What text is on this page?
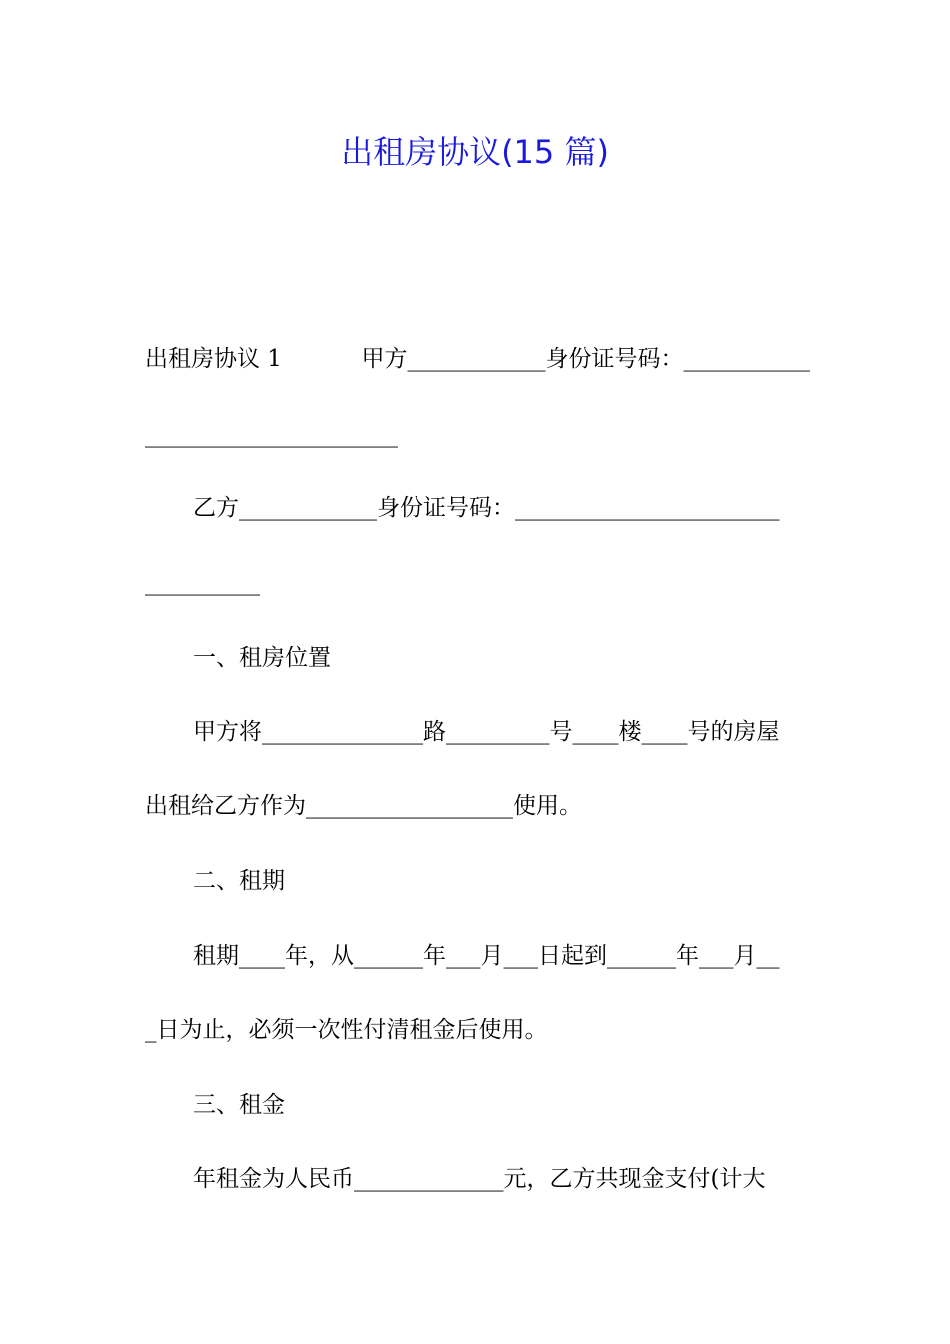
出租房协议(15 篇)
出租房协议 1	甲方____________身份证号码：___________
______________________
乙方____________身份证号码：_______________________
__________
一、租房位置
甲方将______________路_________号____楼____号的房屋
出租给乙方作为__________________使用。
二、租期
租期____年，从______年___月___日起到______年___月__
_日为止，必须一次性付清租金后使用。
三、租金
年租金为人民币_____________元，乙方共现金支付(计大
